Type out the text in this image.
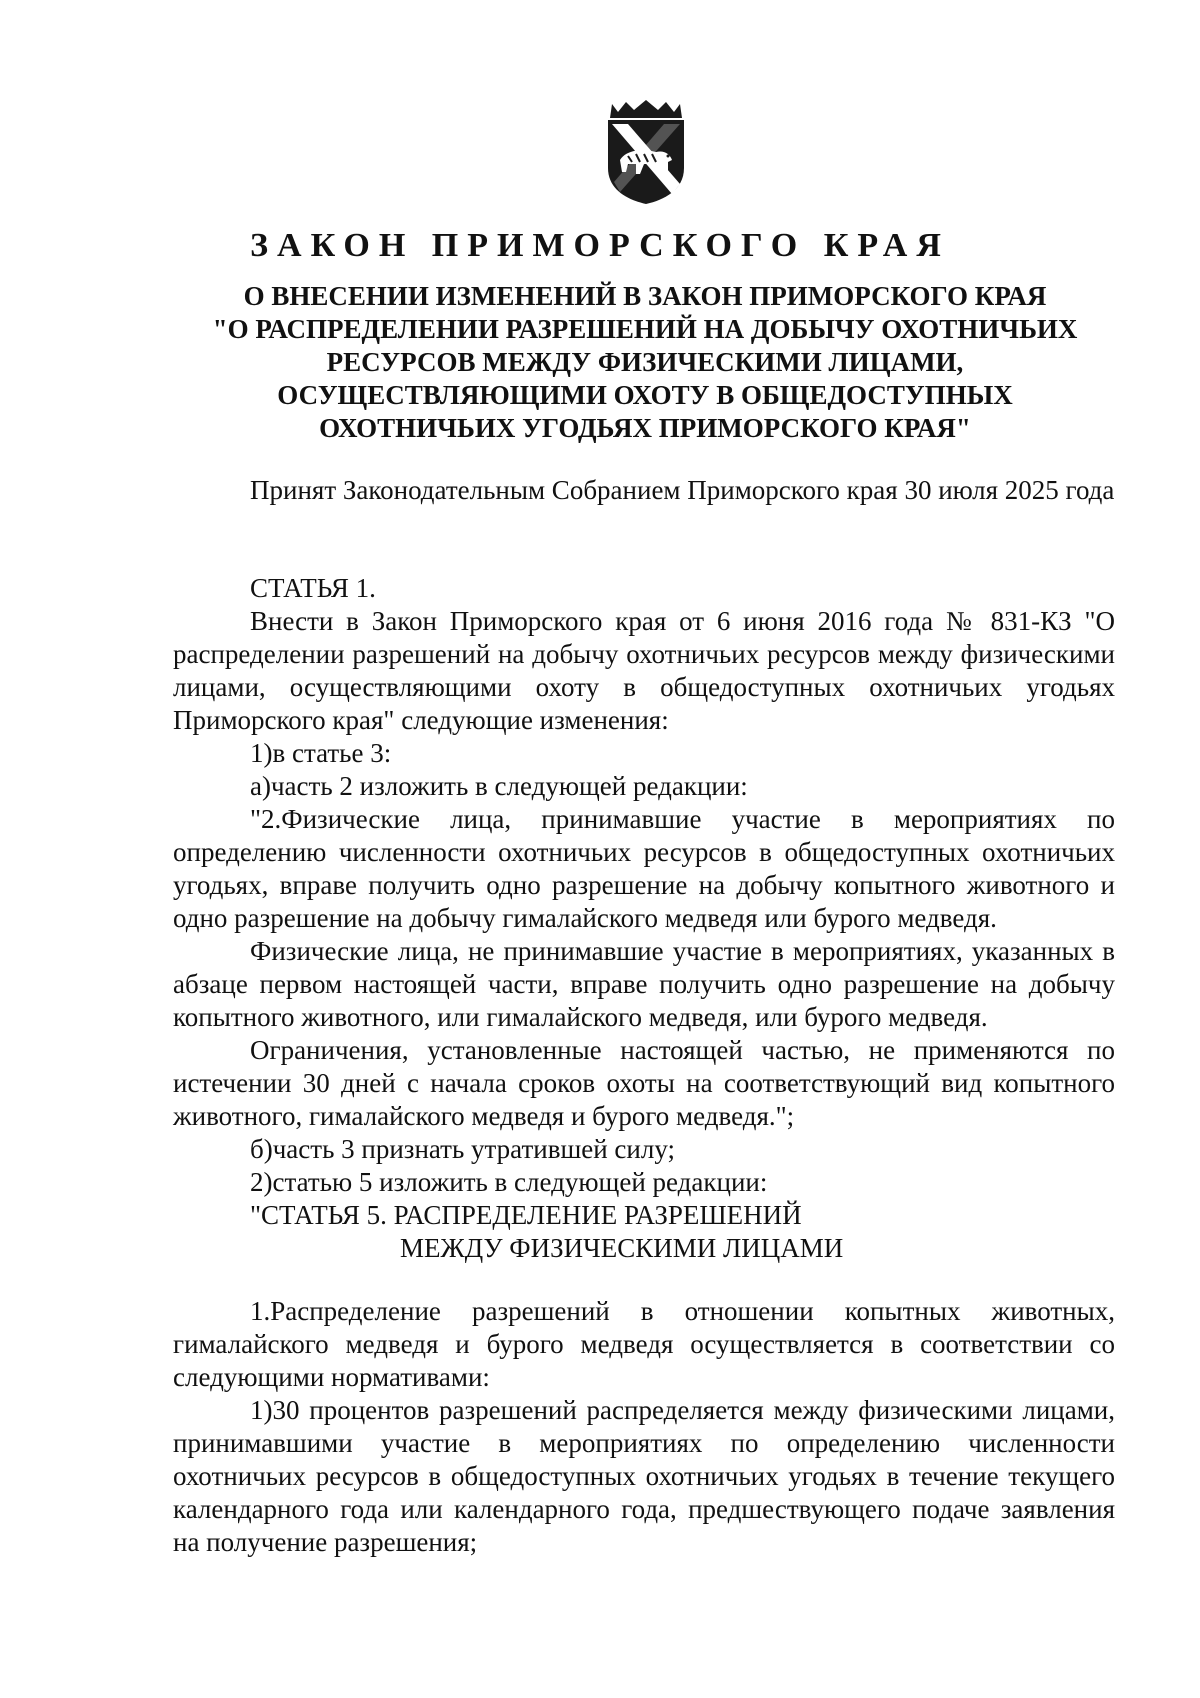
ЗАКОН ПРИМОРСКОГО КРАЯ
О ВНЕСЕНИИ ИЗМЕНЕНИЙ В ЗАКОН ПРИМОРСКОГО КРАЯ
"О РАСПРЕДЕЛЕНИИ РАЗРЕШЕНИЙ НА ДОБЫЧУ ОХОТНИЧЬИХ
РЕСУРСОВ МЕЖДУ ФИЗИЧЕСКИМИ ЛИЦАМИ,
ОСУЩЕСТВЛЯЮЩИМИ ОХОТУ В ОБЩЕДОСТУПНЫХ
ОХОТНИЧЬИХ УГОДЬЯХ ПРИМОРСКОГО КРАЯ"

Принят Законодательным Собранием Приморского края 30 июля 2025 года

СТАТЬЯ 1.

Внести в Закон Приморского края от 6 июня 2016 года № 831-КЗ "О распределении разрешений на добычу охотничьих ресурсов между физическими лицами, осуществляющими охоту в общедоступных охотничьих угодьях Приморского края" следующие изменения:

1)в статье 3:

а)часть 2 изложить в следующей редакции:

"2.Физические лица, принимавшие участие в мероприятиях по определению численности охотничьих ресурсов в общедоступных охотничьих угодьях, вправе получить одно разрешение на добычу копытного животного и одно разрешение на добычу гималайского медведя или бурого медведя.

Физические лица, не принимавшие участие в мероприятиях, указанных в абзаце первом настоящей части, вправе получить одно разрешение на добычу копытного животного, или гималайского медведя, или бурого медведя.

Ограничения, установленные настоящей частью, не применяются по истечении 30 дней с начала сроков охоты на соответствующий вид копытного животного, гималайского медведя и бурого медведя.";

б)часть 3 признать утратившей силу;

2)статью 5 изложить в следующей редакции:

"СТАТЬЯ 5. РАСПРЕДЕЛЕНИЕ РАЗРЕШЕНИЙ

МЕЖДУ ФИЗИЧЕСКИМИ ЛИЦАМИ

1.Распределение разрешений в отношении копытных животных, гималайского медведя и бурого медведя осуществляется в соответствии со следующими нормативами:

1)30 процентов разрешений распределяется между физическими лицами, принимавшими участие в мероприятиях по определению численности охотничьих ресурсов в общедоступных охотничьих угодьях в течение текущего календарного года или календарного года, предшествующего подаче заявления на получение разрешения;
